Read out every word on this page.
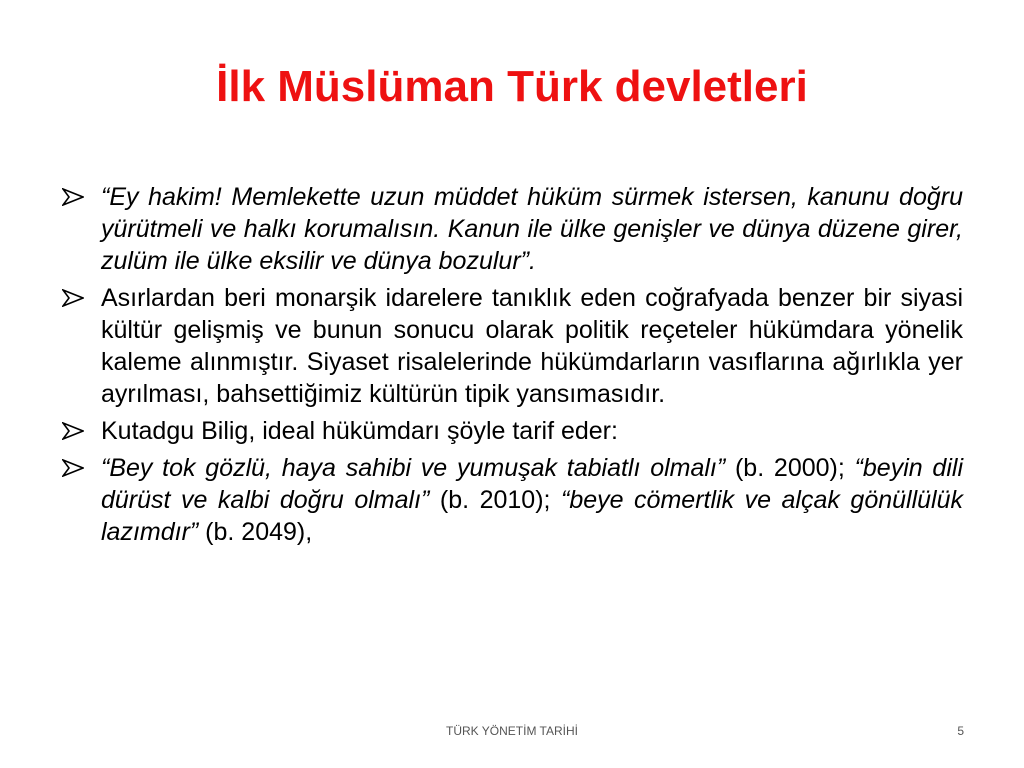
İlk Müslüman Türk devletleri
“Ey hakim! Memlekette uzun müddet hüküm sürmek istersen, kanunu doğru yürütmeli ve halkı korumalısın. Kanun ile ülke genişler ve dünya düzene girer, zulüm ile ülke eksilir ve dünya bozulur”.
Asırlardan beri monarşik idarelere tanıklık eden coğrafyada benzer bir siyasi kültür gelişmiş ve bunun sonucu olarak politik reçeteler hükümdara yönelik kaleme alınmıştır. Siyaset risalelerinde hükümdarların vasıflarına ağırlıkla yer ayrılması, bahsettiğimiz kültürün tipik yansımasıdır.
Kutadgu Bilig, ideal hükümdarı şöyle tarif eder:
“Bey tok gözlü, haya sahibi ve yumuşak tabiatlı olmalı” (b. 2000); “beyin dili dürüst ve kalbi doğru olmalı” (b. 2010); “beye cömertlik ve alçak gönüllülük lazımdır” (b. 2049),
TÜRK YÖNETİM TARİHİ	5
